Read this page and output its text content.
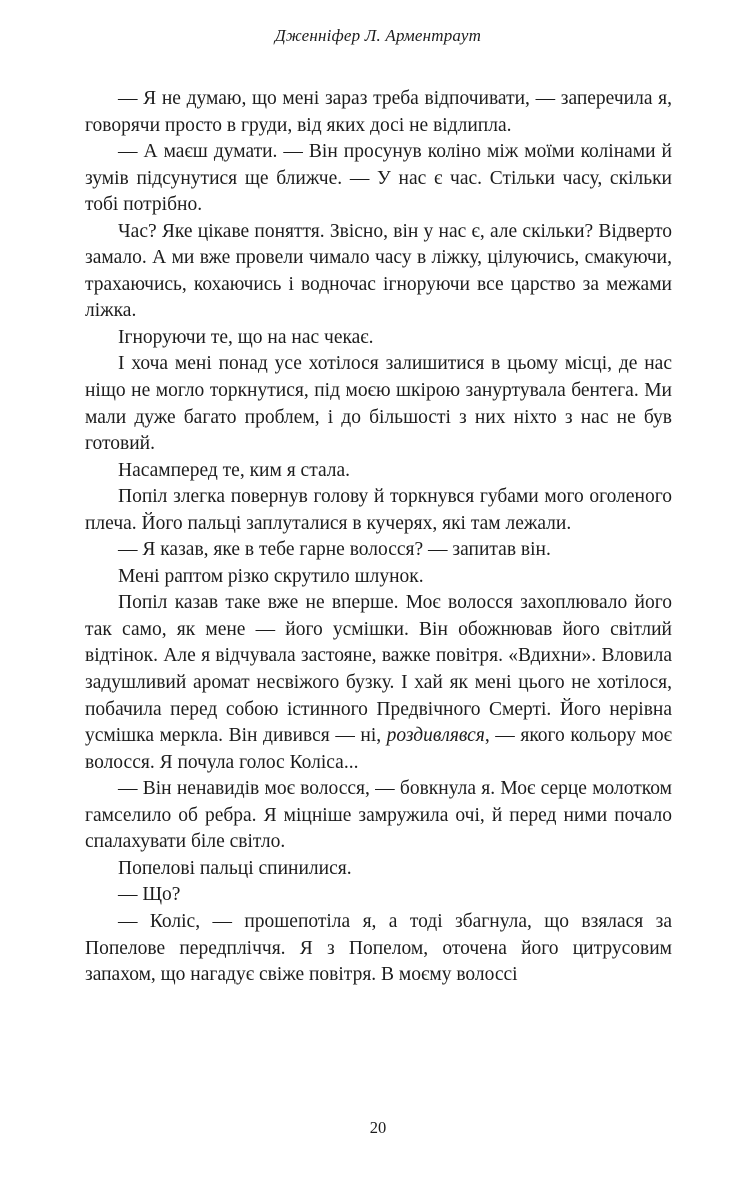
Дженніфер Л. Арментраут

— Я не думаю, що мені зараз треба відпочивати, — заперечила я, говорячи просто в груди, від яких досі не відлипла.

— А маєш думати. — Він просунув коліно між моїми колінами й зумів підсунутися ще ближче. — У нас є час. Стільки часу, скільки тобі потрібно.

Час? Яке цікаве поняття. Звісно, він у нас є, але скільки? Відверто замало. А ми вже провели чимало часу в ліжку, цілуючись, смакуючи, трахаючись, кохаючись і водночас ігноруючи все царство за межами ліжка.

Ігноруючи те, що на нас чекає.

І хоча мені понад усе хотілося залишитися в цьому місці, де нас ніщо не могло торкнутися, під моєю шкірою зануртувала бентега. Ми мали дуже багато проблем, і до більшості з них ніхто з нас не був готовий.

Насамперед те, ким я стала.

Попіл злегка повернув голову й торкнувся губами мого оголеного плеча. Його пальці заплуталися в кучерях, які там лежали.

— Я казав, яке в тебе гарне волосся? — запитав він.

Мені раптом різко скрутило шлунок.

Попіл казав таке вже не вперше. Моє волосся захоплювало його так само, як мене — його усмішки. Він обожнював його світлий відтінок. Але я відчувала застояне, важке повітря. «Вдихни». Вловила задушливий аромат несвіжого бузку. І хай як мені цього не хотілося, побачила перед собою істинного Предвічного Смерті. Його нерівна усмішка меркла. Він дивився — ні, роздивлявся, — якого кольору моє волосся. Я почула голос Коліса...

— Він ненавидів моє волосся, — бовкнула я. Моє серце молотком гамселило об ребра. Я міцніше замружила очі, й перед ними почало спалахувати біле світло.

Попелові пальці спинилися.

— Що?

— Коліс, — прошепотіла я, а тоді збагнула, що взялася за Попелове передпліччя. Я з Попелом, оточена його цитрусовим запахом, що нагадує свіже повітря. В моєму волоссі

20
